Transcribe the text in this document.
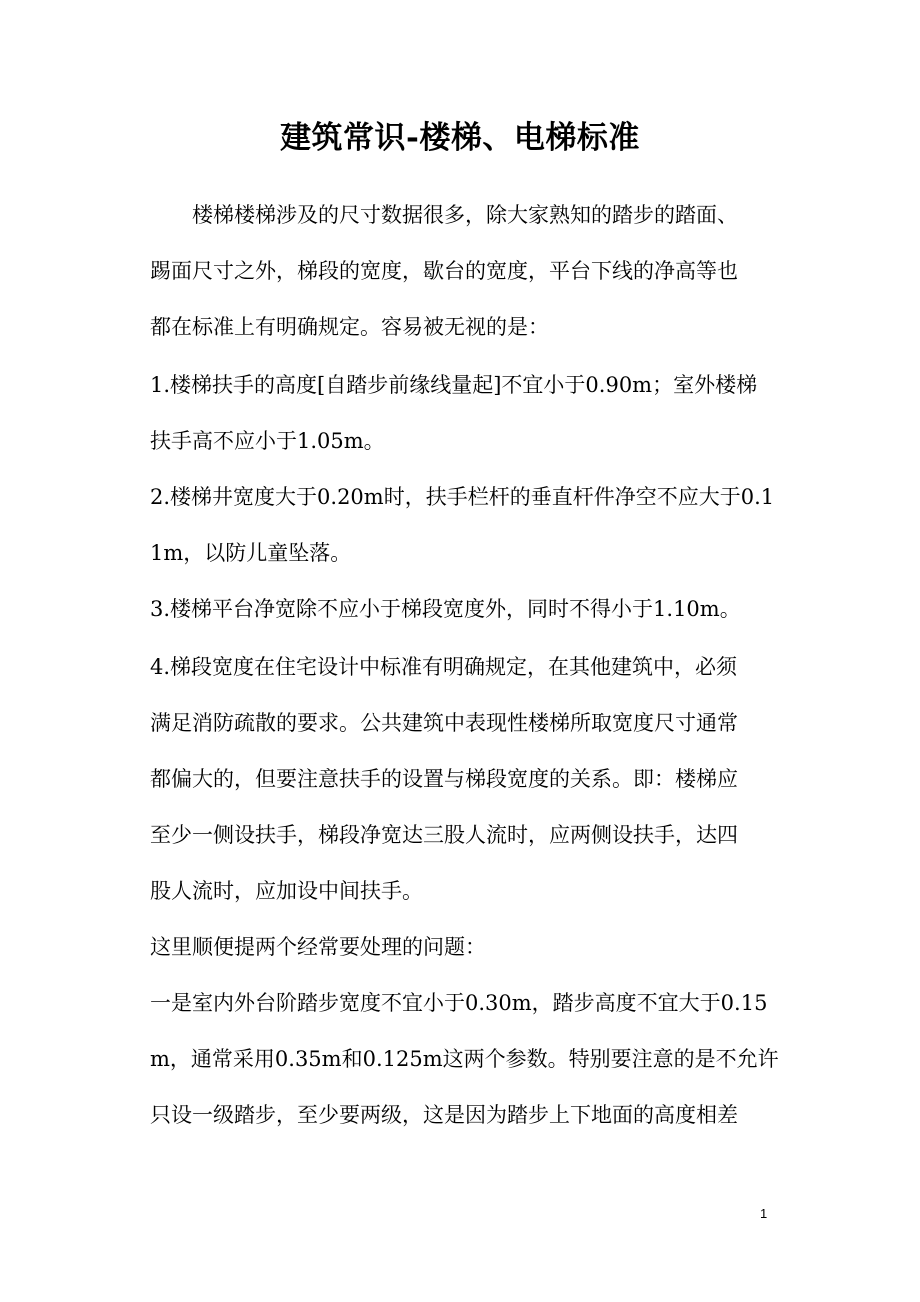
建筑常识-楼梯、电梯标准
　　楼梯楼梯涉及的尺寸数据很多，除大家熟知的踏步的踏面、
踢面尺寸之外，梯段的宽度，歇台的宽度，平台下线的净高等也
都在标准上有明确规定。容易被无视的是：
1.楼梯扶手的高度[自踏步前缘线量起]不宜小于0.90m；室外楼梯
扶手高不应小于1.05m。
2.楼梯井宽度大于0.20m时，扶手栏杆的垂直杆件净空不应大于0.1
1m，以防儿童坠落。
3.楼梯平台净宽除不应小于梯段宽度外，同时不得小于1.10m。
4.梯段宽度在住宅设计中标准有明确规定，在其他建筑中，必须
满足消防疏散的要求。公共建筑中表现性楼梯所取宽度尺寸通常
都偏大的，但要注意扶手的设置与梯段宽度的关系。即：楼梯应
至少一侧设扶手，梯段净宽达三股人流时，应两侧设扶手，达四
股人流时，应加设中间扶手。
这里顺便提两个经常要处理的问题：
一是室内外台阶踏步宽度不宜小于0.30m，踏步高度不宜大于0.15
m，通常采用0.35m和0.125m这两个参数。特别要注意的是不允许
只设一级踏步，至少要两级，这是因为踏步上下地面的高度相差
1
